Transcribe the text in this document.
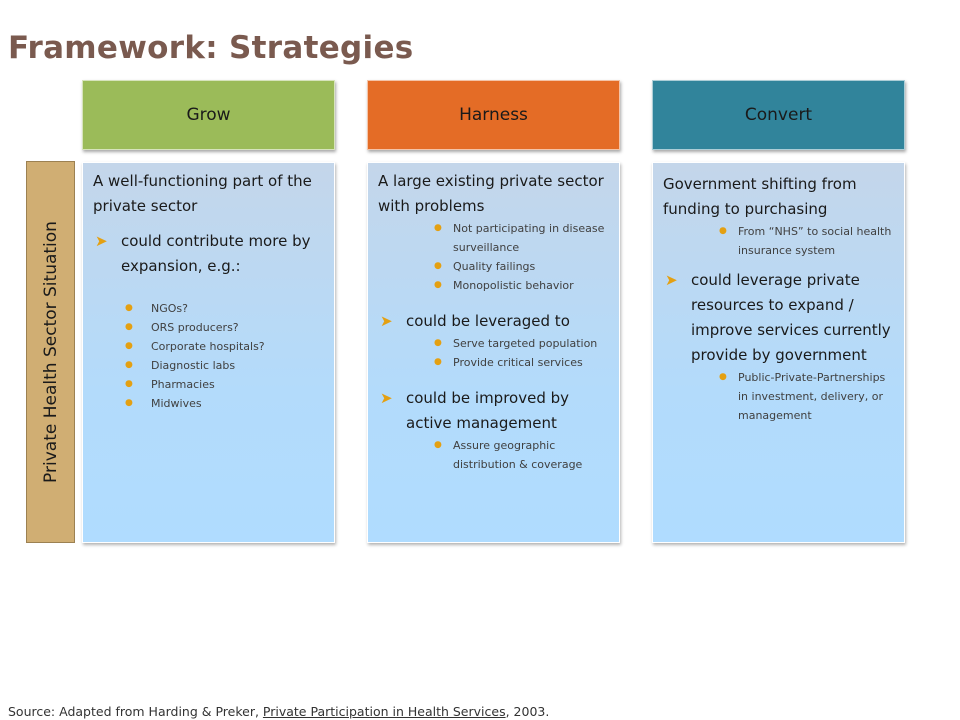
Framework: Strategies
Grow	Harness	Convert
Private Health Sector Situation

A well-functioning part of the private sector

➤ could contribute more by expansion, e.g.:
● NGOs?
● ORS producers?
● Corporate hospitals?
● Diagnostic labs
● Pharmacies
● Midwives

A large existing private sector with problems

● Not participating in disease surveillance
● Quality failings
● Monopolistic behavior
➤ could be leveraged to
● Serve targeted population
● Provide critical services
➤ could be improved by active management
● Assure geographic distribution & coverage

Government shifting from funding to purchasing

● From “NHS” to social health insurance system
➤ could leverage private resources to expand / improve services currently provide by government
● Public-Private-Partnerships in investment, delivery, or management
Source: Adapted from Harding & Preker, Private Participation in Health Services, 2003.
